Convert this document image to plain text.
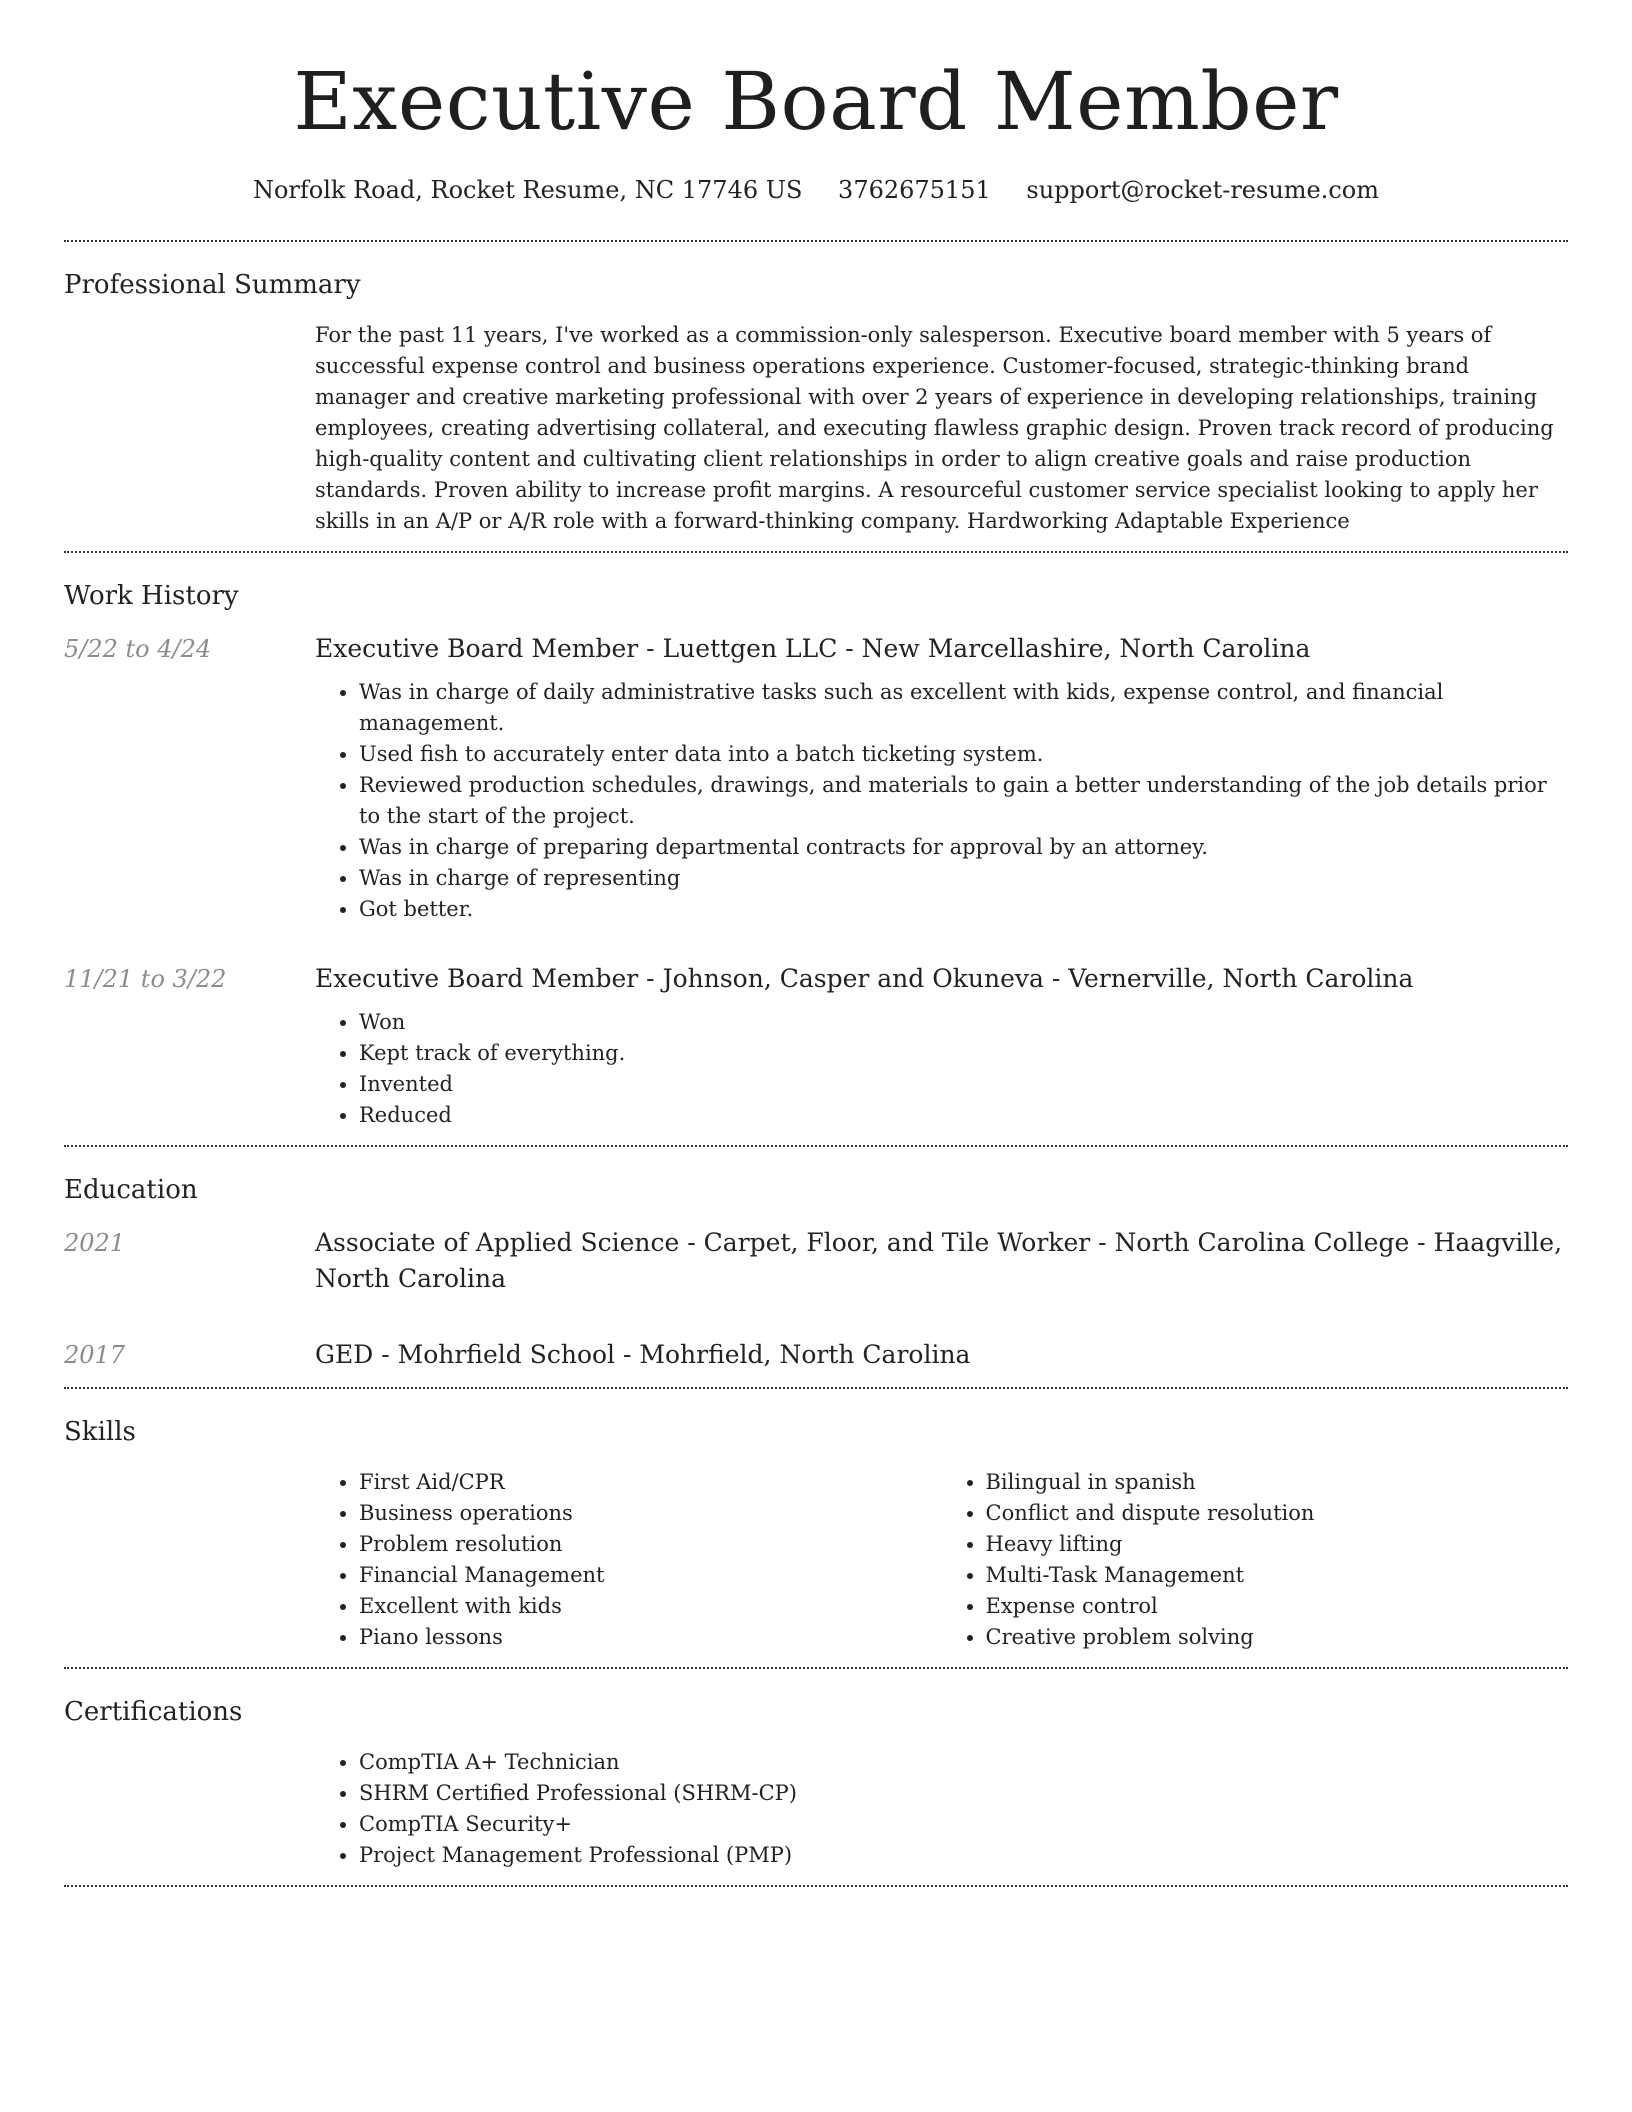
Executive Board Member
Norfolk Road, Rocket Resume, NC 17746 US 3762675151 support@rocket-resume.com
Professional Summary
For the past 11 years, I've worked as a commission-only salesperson. Executive board member with 5 years of successful expense control and business operations experience. Customer-focused, strategic-thinking brand manager and creative marketing professional with over 2 years of experience in developing relationships, training employees, creating advertising collateral, and executing flawless graphic design. Proven track record of producing high-quality content and cultivating client relationships in order to align creative goals and raise production standards. Proven ability to increase profit margins. A resourceful customer service specialist looking to apply her skills in an A/P or A/R role with a forward-thinking company. Hardworking Adaptable Experience
Work History
5/22 to 4/24	Executive Board Member - Luettgen LLC - New Marcellashire, North Carolina
• Was in charge of daily administrative tasks such as excellent with kids, expense control, and financial management.
• Used fish to accurately enter data into a batch ticketing system.
• Reviewed production schedules, drawings, and materials to gain a better understanding of the job details prior to the start of the project.
• Was in charge of preparing departmental contracts for approval by an attorney.
• Was in charge of representing
• Got better.
11/21 to 3/22	Executive Board Member - Johnson, Casper and Okuneva - Vernerville, North Carolina
• Won
• Kept track of everything.
• Invented
• Reduced
Education
2021	Associate of Applied Science - Carpet, Floor, and Tile Worker - North Carolina College - Haagville, North Carolina
2017	GED - Mohrfield School - Mohrfield, North Carolina
Skills
• First Aid/CPR
• Business operations
• Problem resolution
• Financial Management
• Excellent with kids
• Piano lessons
• Bilingual in spanish
• Conflict and dispute resolution
• Heavy lifting
• Multi-Task Management
• Expense control
• Creative problem solving
Certifications
• CompTIA A+ Technician
• SHRM Certified Professional (SHRM-CP)
• CompTIA Security+
• Project Management Professional (PMP)
